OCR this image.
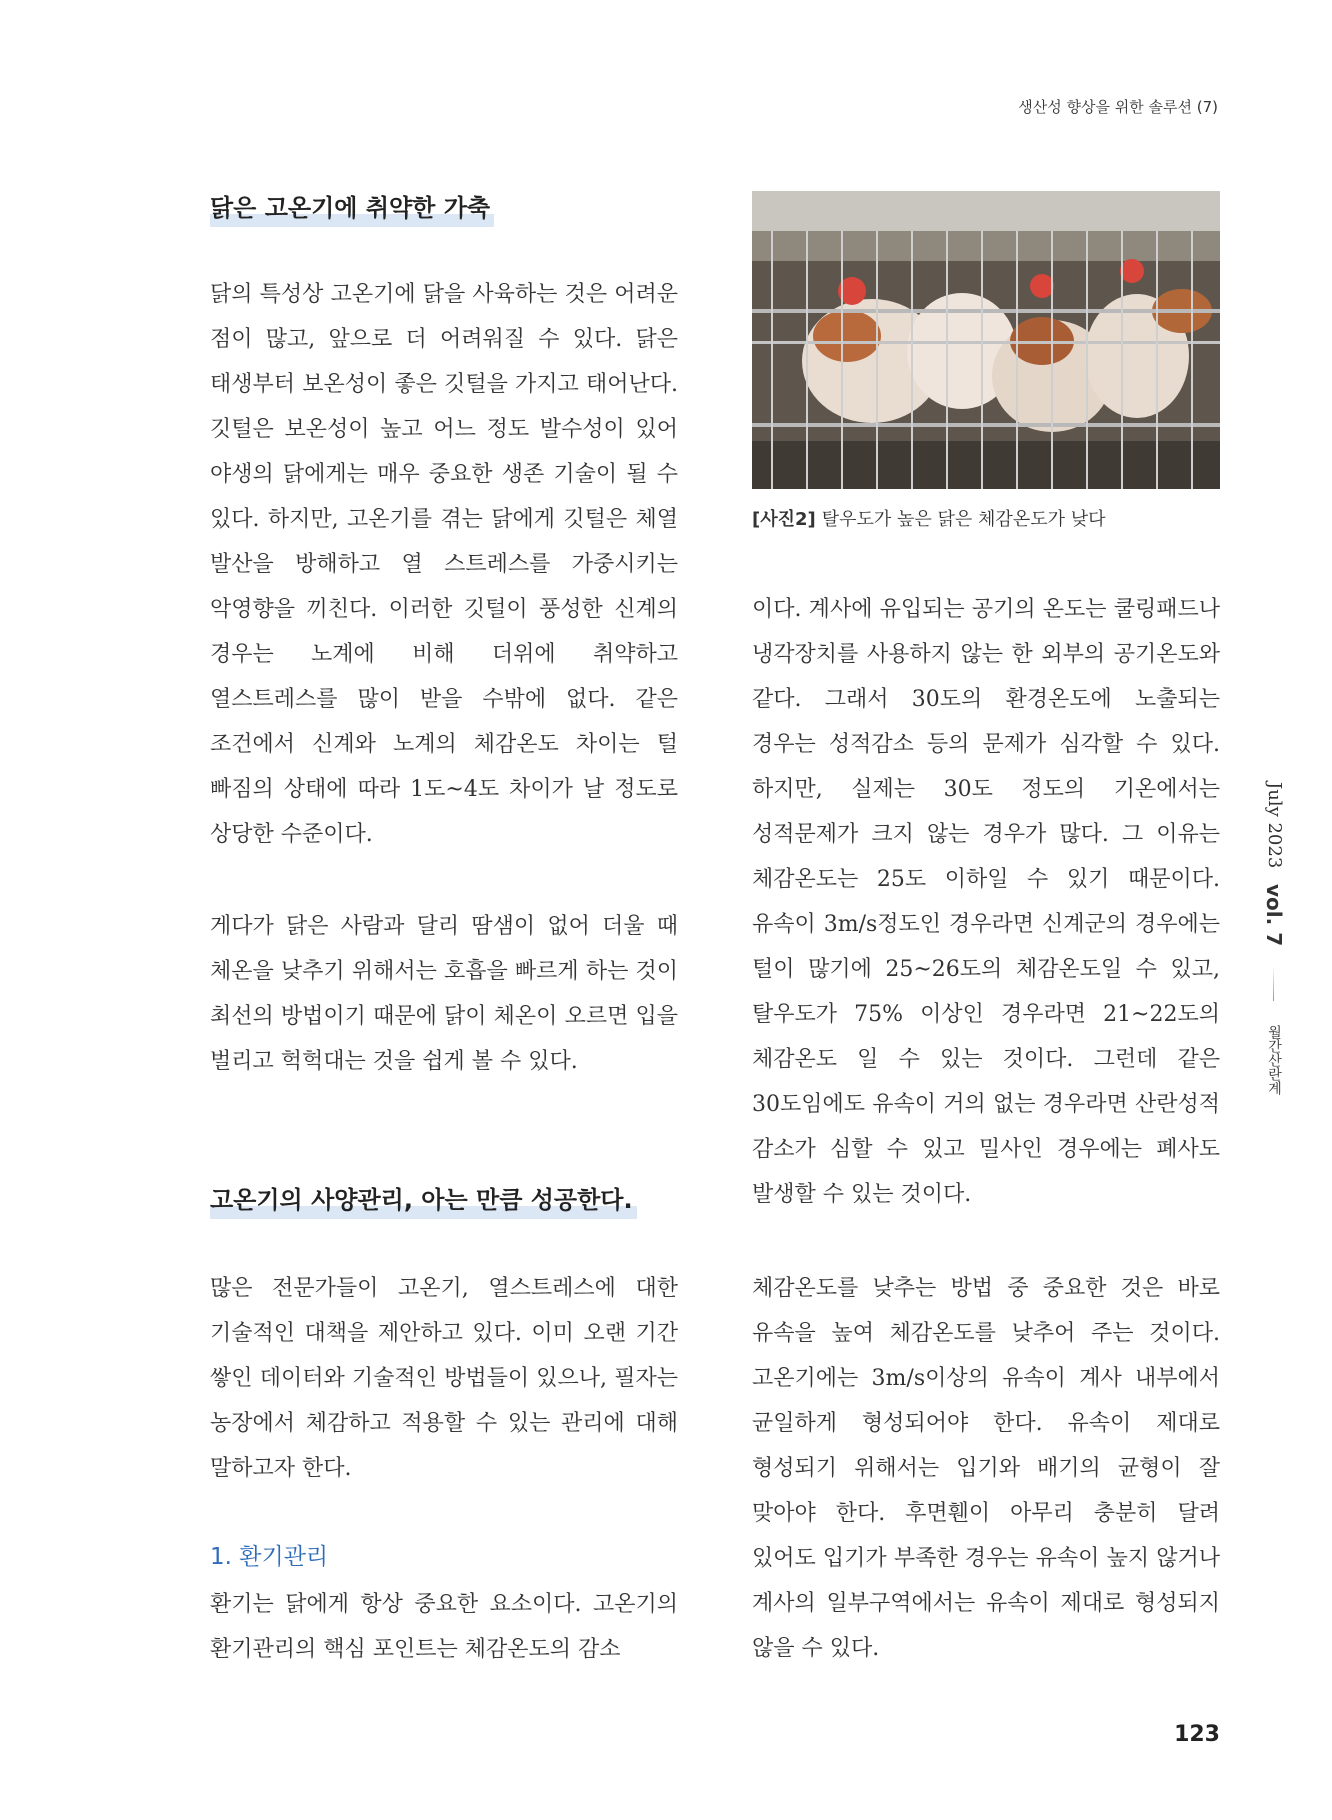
생산성 향상을 위한 솔루션 (7)
닭은 고온기에 취약한 가축

닭의 특성상 고온기에 닭을 사육하는 것은 어려운 점이 많고, 앞으로 더 어려워질 수 있다. 닭은 태생부터 보온성이 좋은 깃털을 가지고 태어난다. 깃털은 보온성이 높고 어느 정도 발수성이 있어 야생의 닭에게는 매우 중요한 생존 기술이 될 수 있다. 하지만, 고온기를 겪는 닭에게 깃털은 체열 발산을 방해하고 열 스트레스를 가중시키는 악영향을 끼친다. 이러한 깃털이 풍성한 신계의 경우는 노계에 비해 더위에 취약하고 열스트레스를 많이 받을 수밖에 없다. 같은 조건에서 신계와 노계의 체감온도 차이는 털 빠짐의 상태에 따라 1도~4도 차이가 날 정도로 상당한 수준이다.

게다가 닭은 사람과 달리 땀샘이 없어 더울 때 체온을 낮추기 위해서는 호흡을 빠르게 하는 것이 최선의 방법이기 때문에 닭이 체온이 오르면 입을 벌리고 헉헉대는 것을 쉽게 볼 수 있다.

고온기의 사양관리, 아는 만큼 성공한다.

많은 전문가들이 고온기, 열스트레스에 대한 기술적인 대책을 제안하고 있다. 이미 오랜 기간 쌓인 데이터와 기술적인 방법들이 있으나, 필자는 농장에서 체감하고 적용할 수 있는 관리에 대해 말하고자 한다.

1. 환기관리

환기는 닭에게 항상 중요한 요소이다. 고온기의 환기관리의 핵심 포인트는 체감온도의 감소

[사진2] 탈우도가 높은 닭은 체감온도가 낮다

이다. 계사에 유입되는 공기의 온도는 쿨링패드나 냉각장치를 사용하지 않는 한 외부의 공기온도와 같다. 그래서 30도의 환경온도에 노출되는 경우는 성적감소 등의 문제가 심각할 수 있다. 하지만, 실제는 30도 정도의 기온에서는 성적문제가 크지 않는 경우가 많다. 그 이유는 체감온도는 25도 이하일 수 있기 때문이다. 유속이 3m/s정도인 경우라면 신계군의 경우에는 털이 많기에 25~26도의 체감온도일 수 있고, 탈우도가 75% 이상인 경우라면 21~22도의 체감온도 일 수 있는 것이다. 그런데 같은 30도임에도 유속이 거의 없는 경우라면 산란성적 감소가 심할 수 있고 밀사인 경우에는 폐사도 발생할 수 있는 것이다.

체감온도를 낮추는 방법 중 중요한 것은 바로 유속을 높여 체감온도를 낮추어 주는 것이다. 고온기에는 3m/s이상의 유속이 계사 내부에서 균일하게 형성되어야 한다. 유속이 제대로 형성되기 위해서는 입기와 배기의 균형이 잘 맞아야 한다. 후면휀이 아무리 충분히 달려 있어도 입기가 부족한 경우는 유속이 높지 않거나 계사의 일부구역에서는 유속이 제대로 형성되지 않을 수 있다.

July 2023 vol. 7  월간산란계
123
